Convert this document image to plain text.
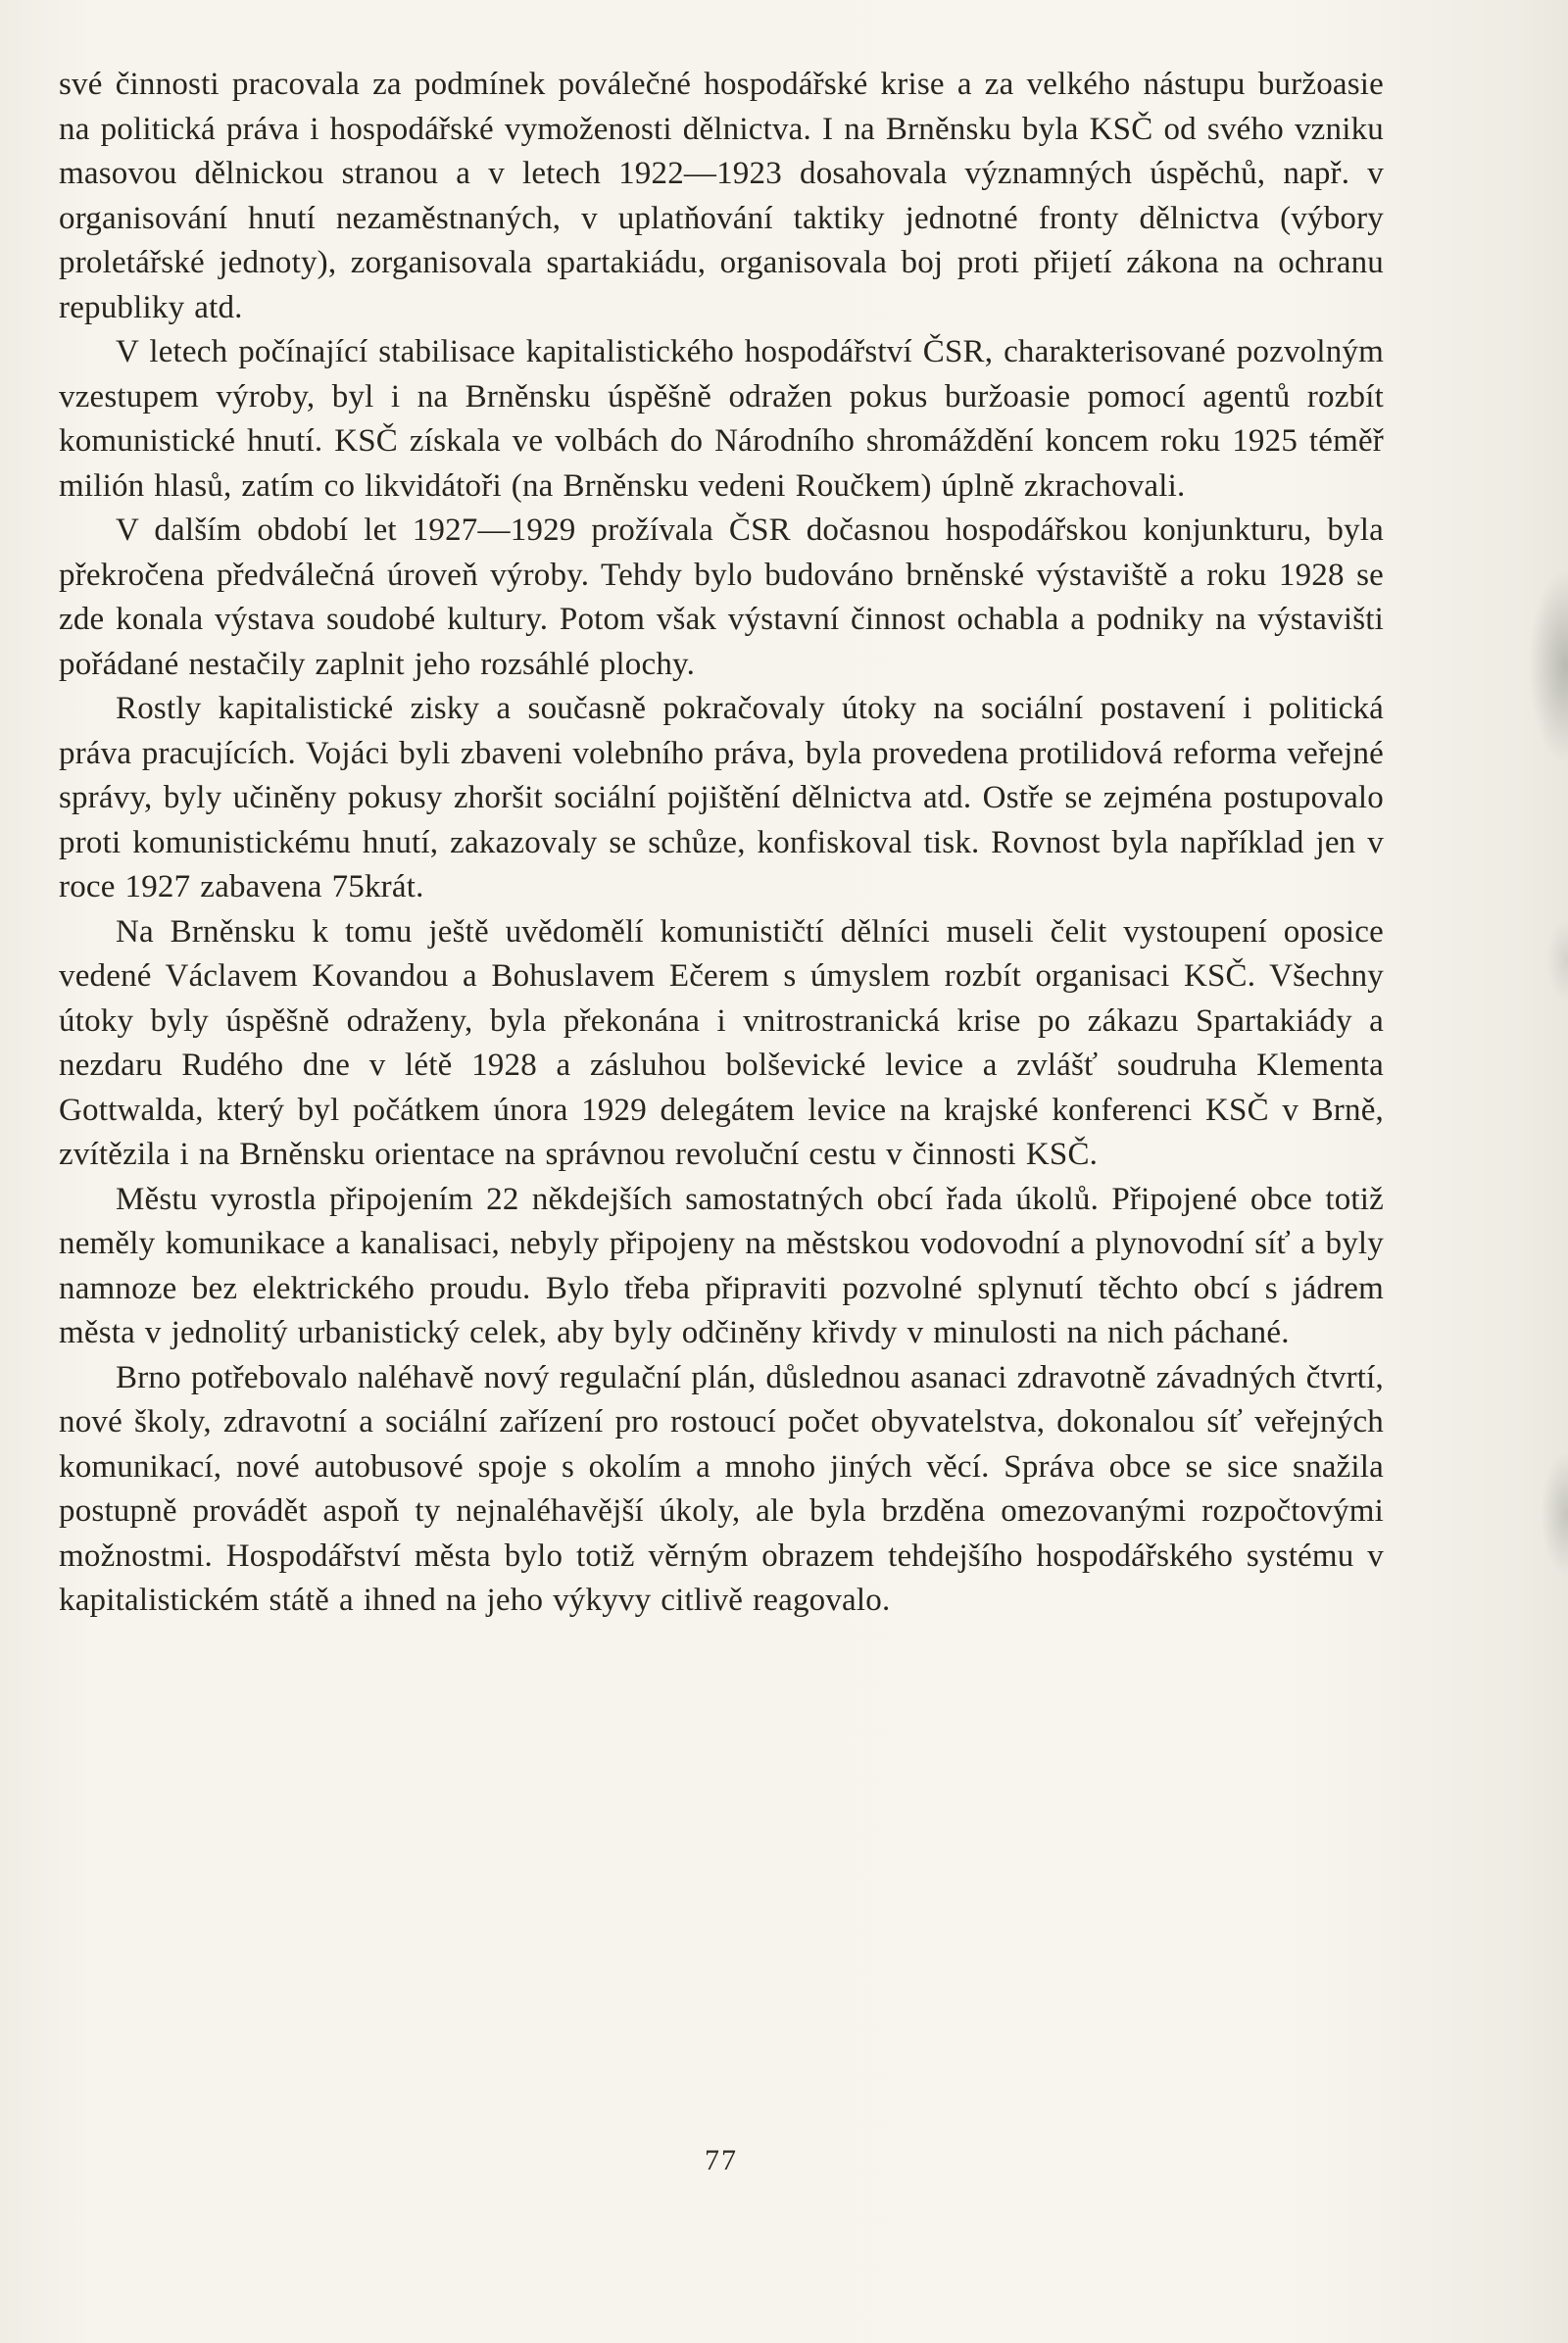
své činnosti pracovala za podmínek poválečné hospodářské krise a za velkého nástupu buržoasie na politická práva i hospodářské vymoženosti dělnictva. I na Brněnsku byla KSČ od svého vzniku masovou dělnickou stranou a v letech 1922—1923 dosahovala významných úspěchů, např. v organisování hnutí nezaměstnaných, v uplatňování taktiky jednotné fronty dělnictva (výbory proletářské jednoty), zorganisovala spartakiádu, organisovala boj proti přijetí zákona na ochranu republiky atd.

V letech počínající stabilisace kapitalistického hospodářství ČSR, charakterisované pozvolným vzestupem výroby, byl i na Brněnsku úspěšně odražen pokus buržoasie pomocí agentů rozbít komunistické hnutí. KSČ získala ve volbách do Národního shromáždění koncem roku 1925 téměř milión hlasů, zatím co likvidátoři (na Brněnsku vedeni Roučkem) úplně zkrachovali.

V dalším období let 1927—1929 prožívala ČSR dočasnou hospodářskou konjunkturu, byla překročena předválečná úroveň výroby. Tehdy bylo budováno brněnské výstaviště a roku 1928 se zde konala výstava soudobé kultury. Potom však výstavní činnost ochabla a podniky na výstavišti pořádané nestačily zaplnit jeho rozsáhlé plochy.

Rostly kapitalistické zisky a současně pokračovaly útoky na sociální postavení i politická práva pracujících. Vojáci byli zbaveni volebního práva, byla provedena protilidová reforma veřejné správy, byly učiněny pokusy zhoršit sociální pojištění dělnictva atd. Ostře se zejména postupovalo proti komunistickému hnutí, zakazovaly se schůze, konfiskoval tisk. Rovnost byla například jen v roce 1927 zabavena 75krát.

Na Brněnsku k tomu ještě uvědomělí komunističtí dělníci museli čelit vystoupení oposice vedené Václavem Kovandou a Bohuslavem Ečerem s úmyslem rozbít organisaci KSČ. Všechny útoky byly úspěšně odraženy, byla překonána i vnitrostranická krise po zákazu Spartakiády a nezdaru Rudého dne v létě 1928 a zásluhou bolševické levice a zvlášť soudruha Klementa Gottwalda, který byl počátkem února 1929 delegátem levice na krajské konferenci KSČ v Brně, zvítězila i na Brněnsku orientace na správnou revoluční cestu v činnosti KSČ.

Městu vyrostla připojením 22 někdejších samostatných obcí řada úkolů. Připojené obce totiž neměly komunikace a kanalisaci, nebyly připojeny na městskou vodovodní a plynovodní síť a byly namnoze bez elektrického proudu. Bylo třeba připraviti pozvolné splynutí těchto obcí s jádrem města v jednolitý urbanistický celek, aby byly odčiněny křivdy v minulosti na nich páchané.

Brno potřebovalo naléhavě nový regulační plán, důslednou asanaci zdravotně závadných čtvrtí, nové školy, zdravotní a sociální zařízení pro rostoucí počet obyvatelstva, dokonalou síť veřejných komunikací, nové autobusové spoje s okolím a mnoho jiných věcí. Správa obce se sice snažila postupně provádět aspoň ty nejnaléhavější úkoly, ale byla brzděna omezovanými rozpočtovými možnostmi. Hospodářství města bylo totiž věrným obrazem tehdejšího hospodářského systému v kapitalistickém státě a ihned na jeho výkyvy citlivě reagovalo.

77
